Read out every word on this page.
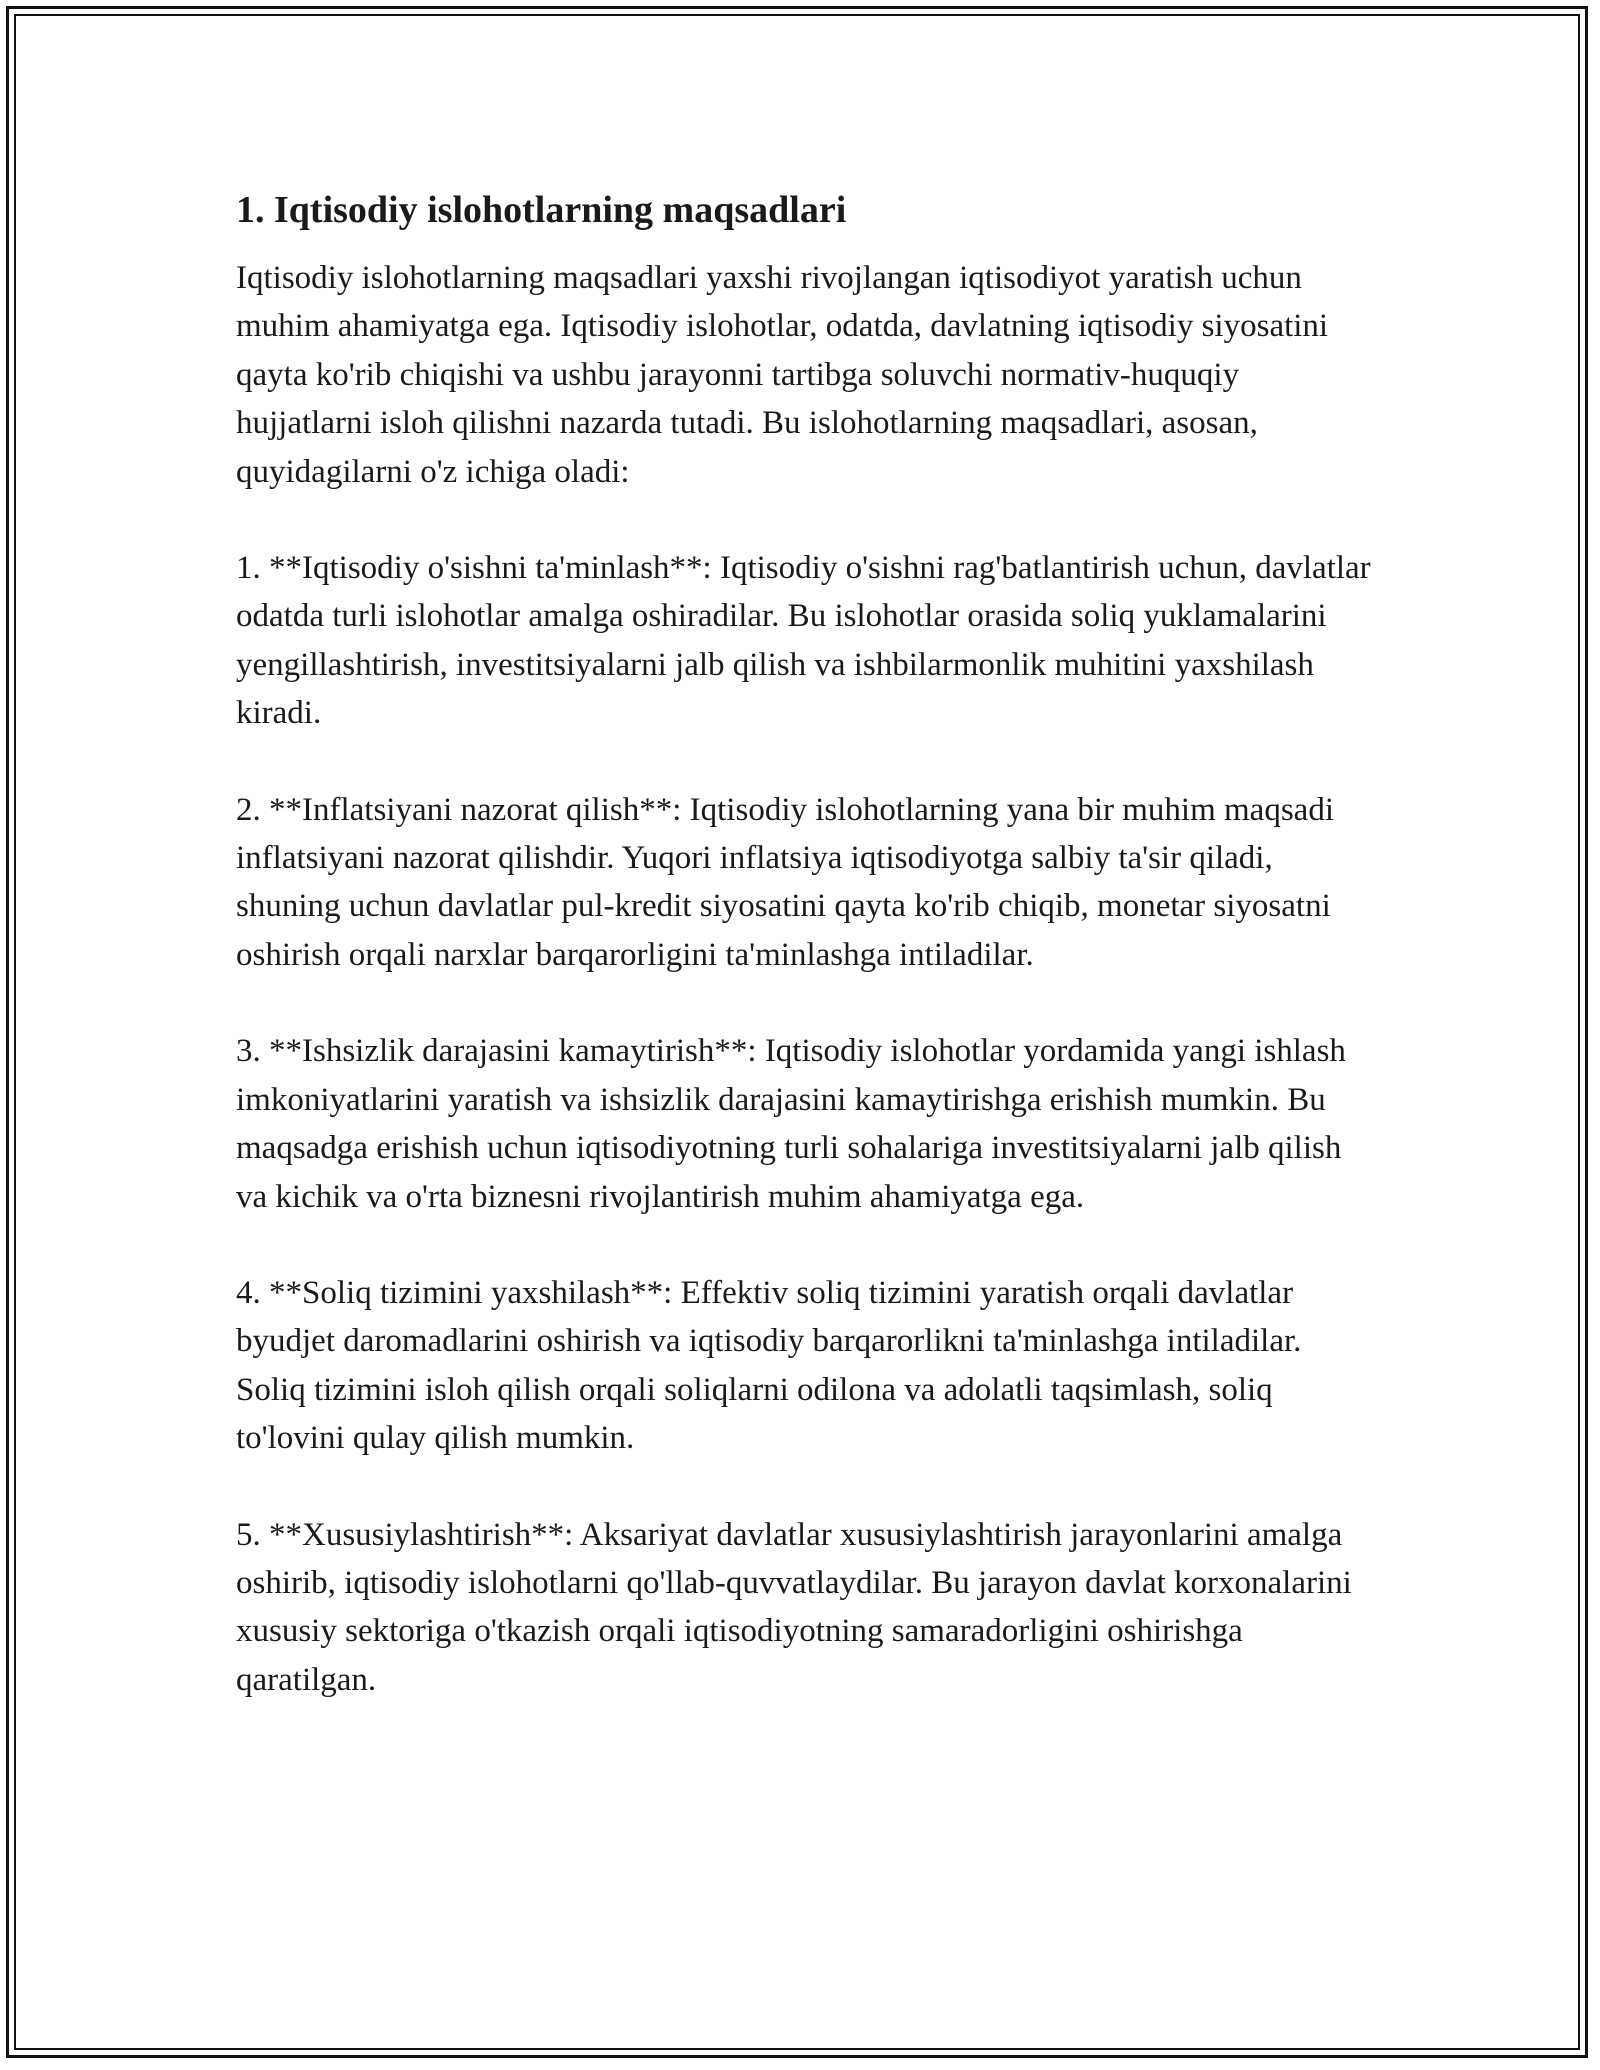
1. Iqtisodiy islohotlarning maqsadlari

Iqtisodiy islohotlarning maqsadlari yaxshi rivojlangan iqtisodiyot yaratish uchun muhim ahamiyatga ega. Iqtisodiy islohotlar, odatda, davlatning iqtisodiy siyosatini qayta ko'rib chiqishi va ushbu jarayonni tartibga soluvchi normativ-huquqiy hujjatlarni isloh qilishni nazarda tutadi. Bu islohotlarning maqsadlari, asosan, quyidagilarni o'z ichiga oladi:

1. **Iqtisodiy o'sishni ta'minlash**: Iqtisodiy o'sishni rag'batlantirish uchun, davlatlar odatda turli islohotlar amalga oshiradilar. Bu islohotlar orasida soliq yuklamalarini yengillashtirish, investitsiyalarni jalb qilish va ishbilarmonlik muhitini yaxshilash kiradi.

2. **Inflatsiyani nazorat qilish**: Iqtisodiy islohotlarning yana bir muhim maqsadi inflatsiyani nazorat qilishdir. Yuqori inflatsiya iqtisodiyotga salbiy ta'sir qiladi, shuning uchun davlatlar pul-kredit siyosatini qayta ko'rib chiqib, monetar siyosatni oshirish orqali narxlar barqarorligini ta'minlashga intiladilar.

3. **Ishsizlik darajasini kamaytirish**: Iqtisodiy islohotlar yordamida yangi ishlash imkoniyatlarini yaratish va ishsizlik darajasini kamaytirishga erishish mumkin. Bu maqsadga erishish uchun iqtisodiyotning turli sohalariga investitsiyalarni jalb qilish va kichik va o'rta biznesni rivojlantirish muhim ahamiyatga ega.

4. **Soliq tizimini yaxshilash**: Effektiv soliq tizimini yaratish orqali davlatlar byudjet daromadlarini oshirish va iqtisodiy barqarorlikni ta'minlashga intiladilar. Soliq tizimini isloh qilish orqali soliqlarni odilona va adolatli taqsimlash, soliq to'lovini qulay qilish mumkin.

5. **Xususiylashtirish**: Aksariyat davlatlar xususiylashtirish jarayonlarini amalga oshirib, iqtisodiy islohotlarni qo'llab-quvvatlaydilar. Bu jarayon davlat korxonalarini xususiy sektoriga o'tkazish orqali iqtisodiyotning samaradorligini oshirishga qaratilgan.
